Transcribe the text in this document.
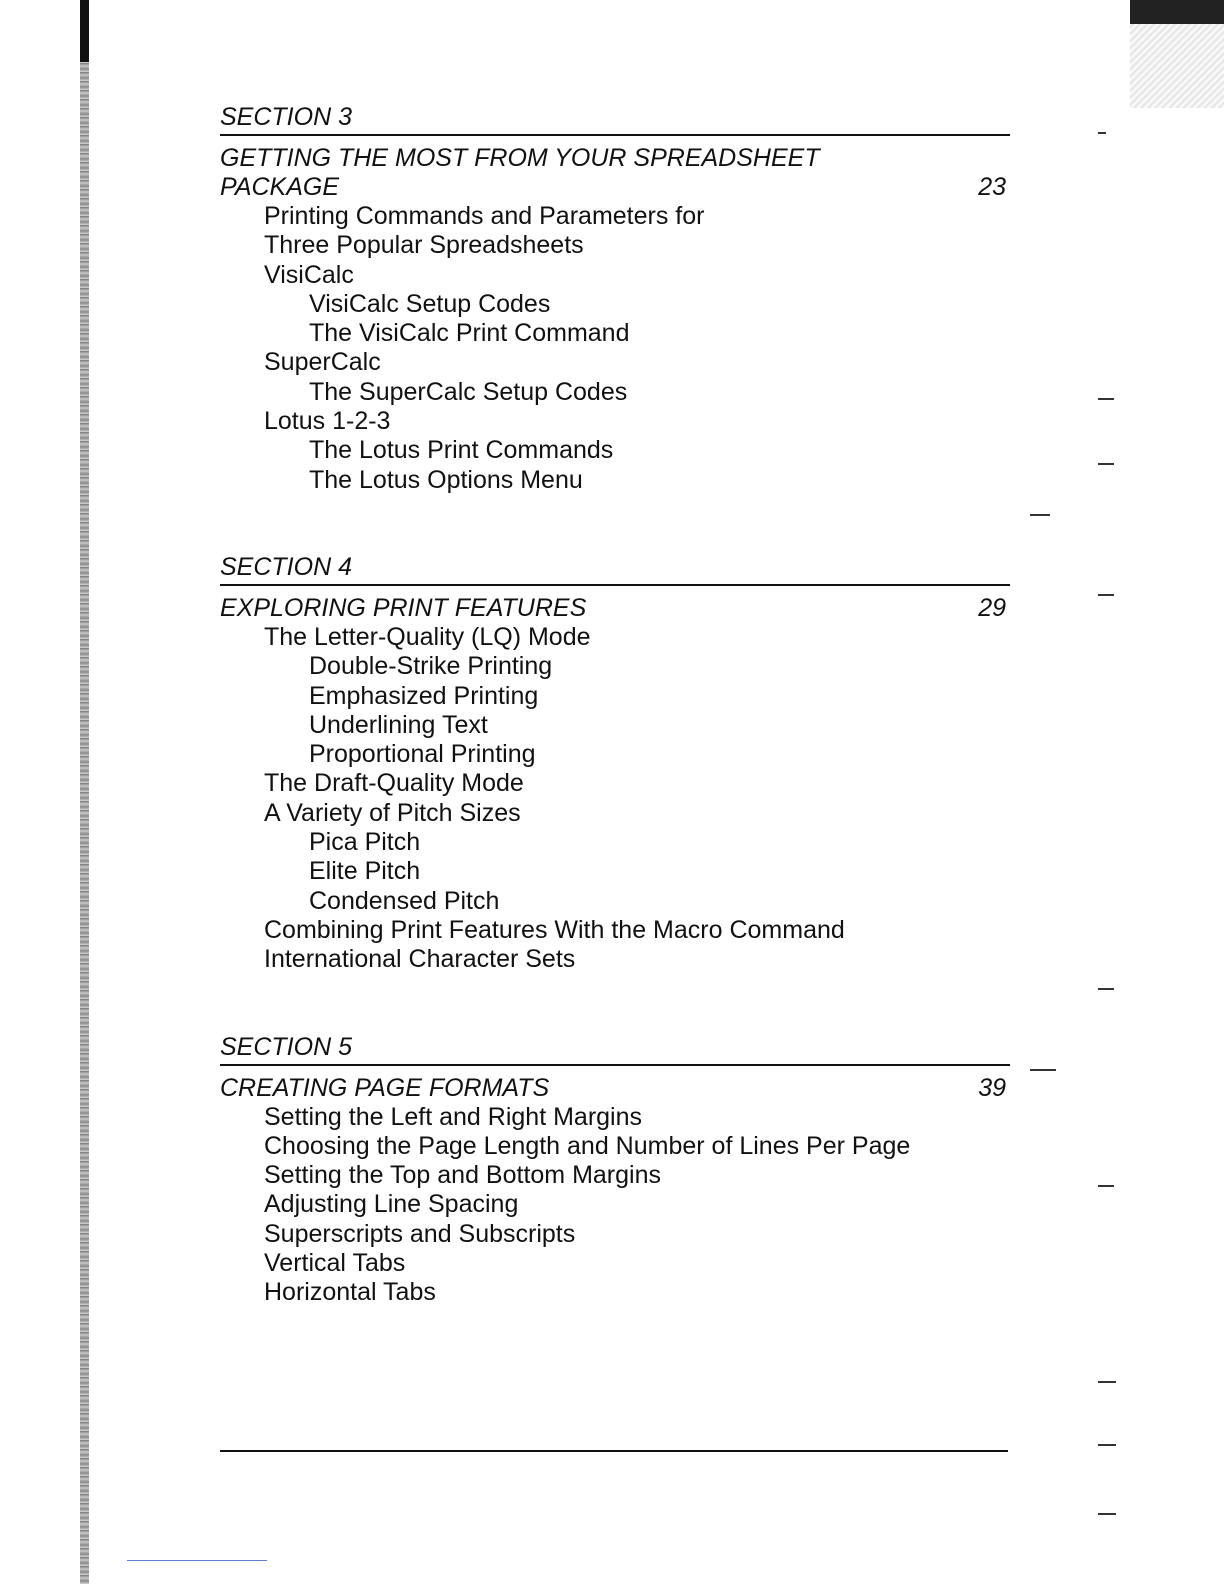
SECTION 3
GETTING THE MOST FROM YOUR SPREADSHEET
PACKAGE	23
Printing Commands and Parameters for
Three Popular Spreadsheets
VisiCalc
VisiCalc Setup Codes
The VisiCalc Print Command
SuperCalc
The SuperCalc Setup Codes
Lotus 1-2-3
The Lotus Print Commands
The Lotus Options Menu
SECTION 4
EXPLORING PRINT FEATURES	29
The Letter-Quality (LQ) Mode
Double-Strike Printing
Emphasized Printing
Underlining Text
Proportional Printing
The Draft-Quality Mode
A Variety of Pitch Sizes
Pica Pitch
Elite Pitch
Condensed Pitch
Combining Print Features With the Macro Command
International Character Sets
SECTION 5
CREATING PAGE FORMATS	39
Setting the Left and Right Margins
Choosing the Page Length and Number of Lines Per Page
Setting the Top and Bottom Margins
Adjusting Line Spacing
Superscripts and Subscripts
Vertical Tabs
Horizontal Tabs
